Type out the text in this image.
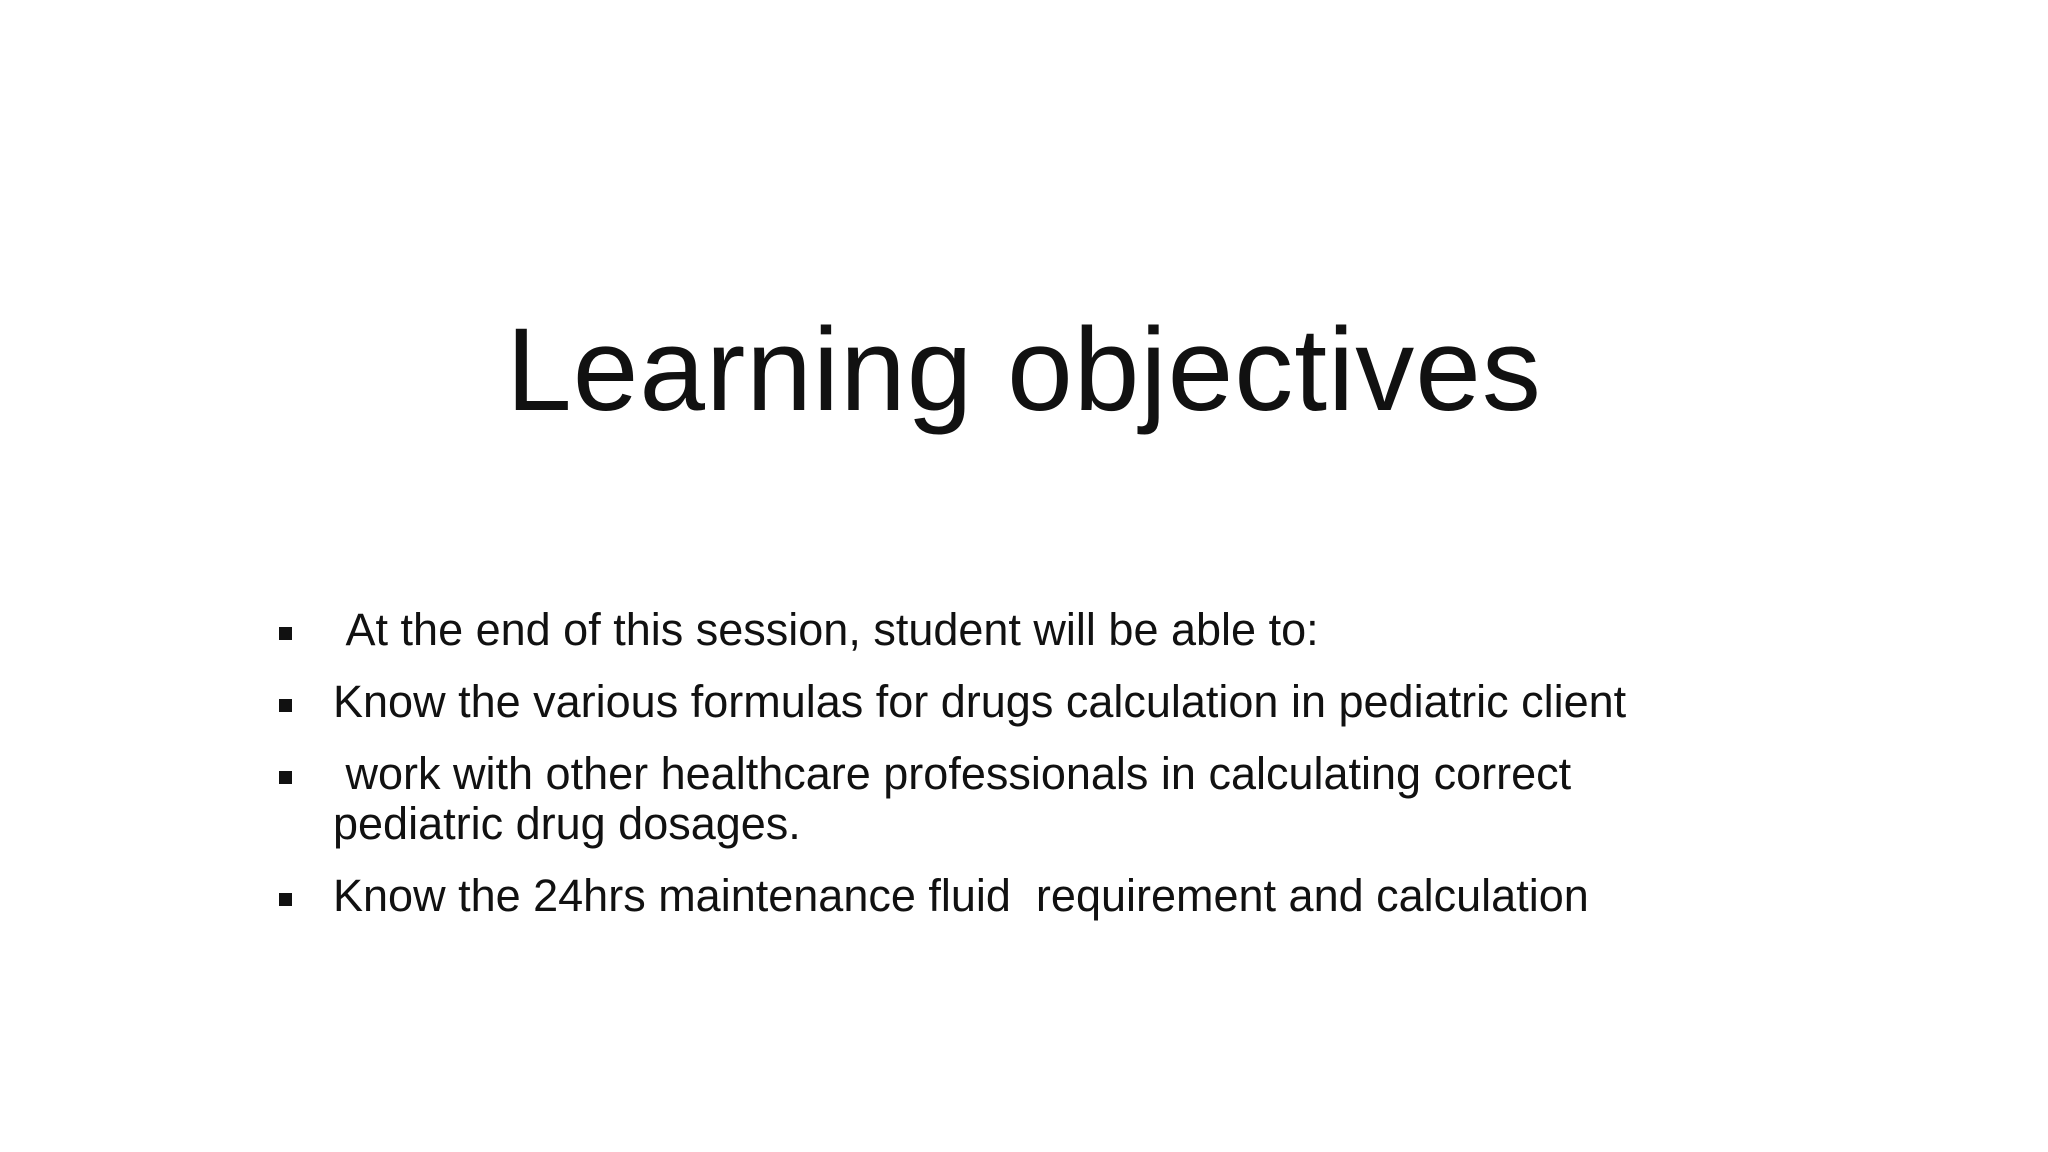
Learning objectives
At the end of this session, student will be able to:
Know the various formulas for drugs calculation in pediatric client
work with other healthcare professionals in calculating correct
pediatric drug dosages.
Know the 24hrs maintenance fluid  requirement and calculation
